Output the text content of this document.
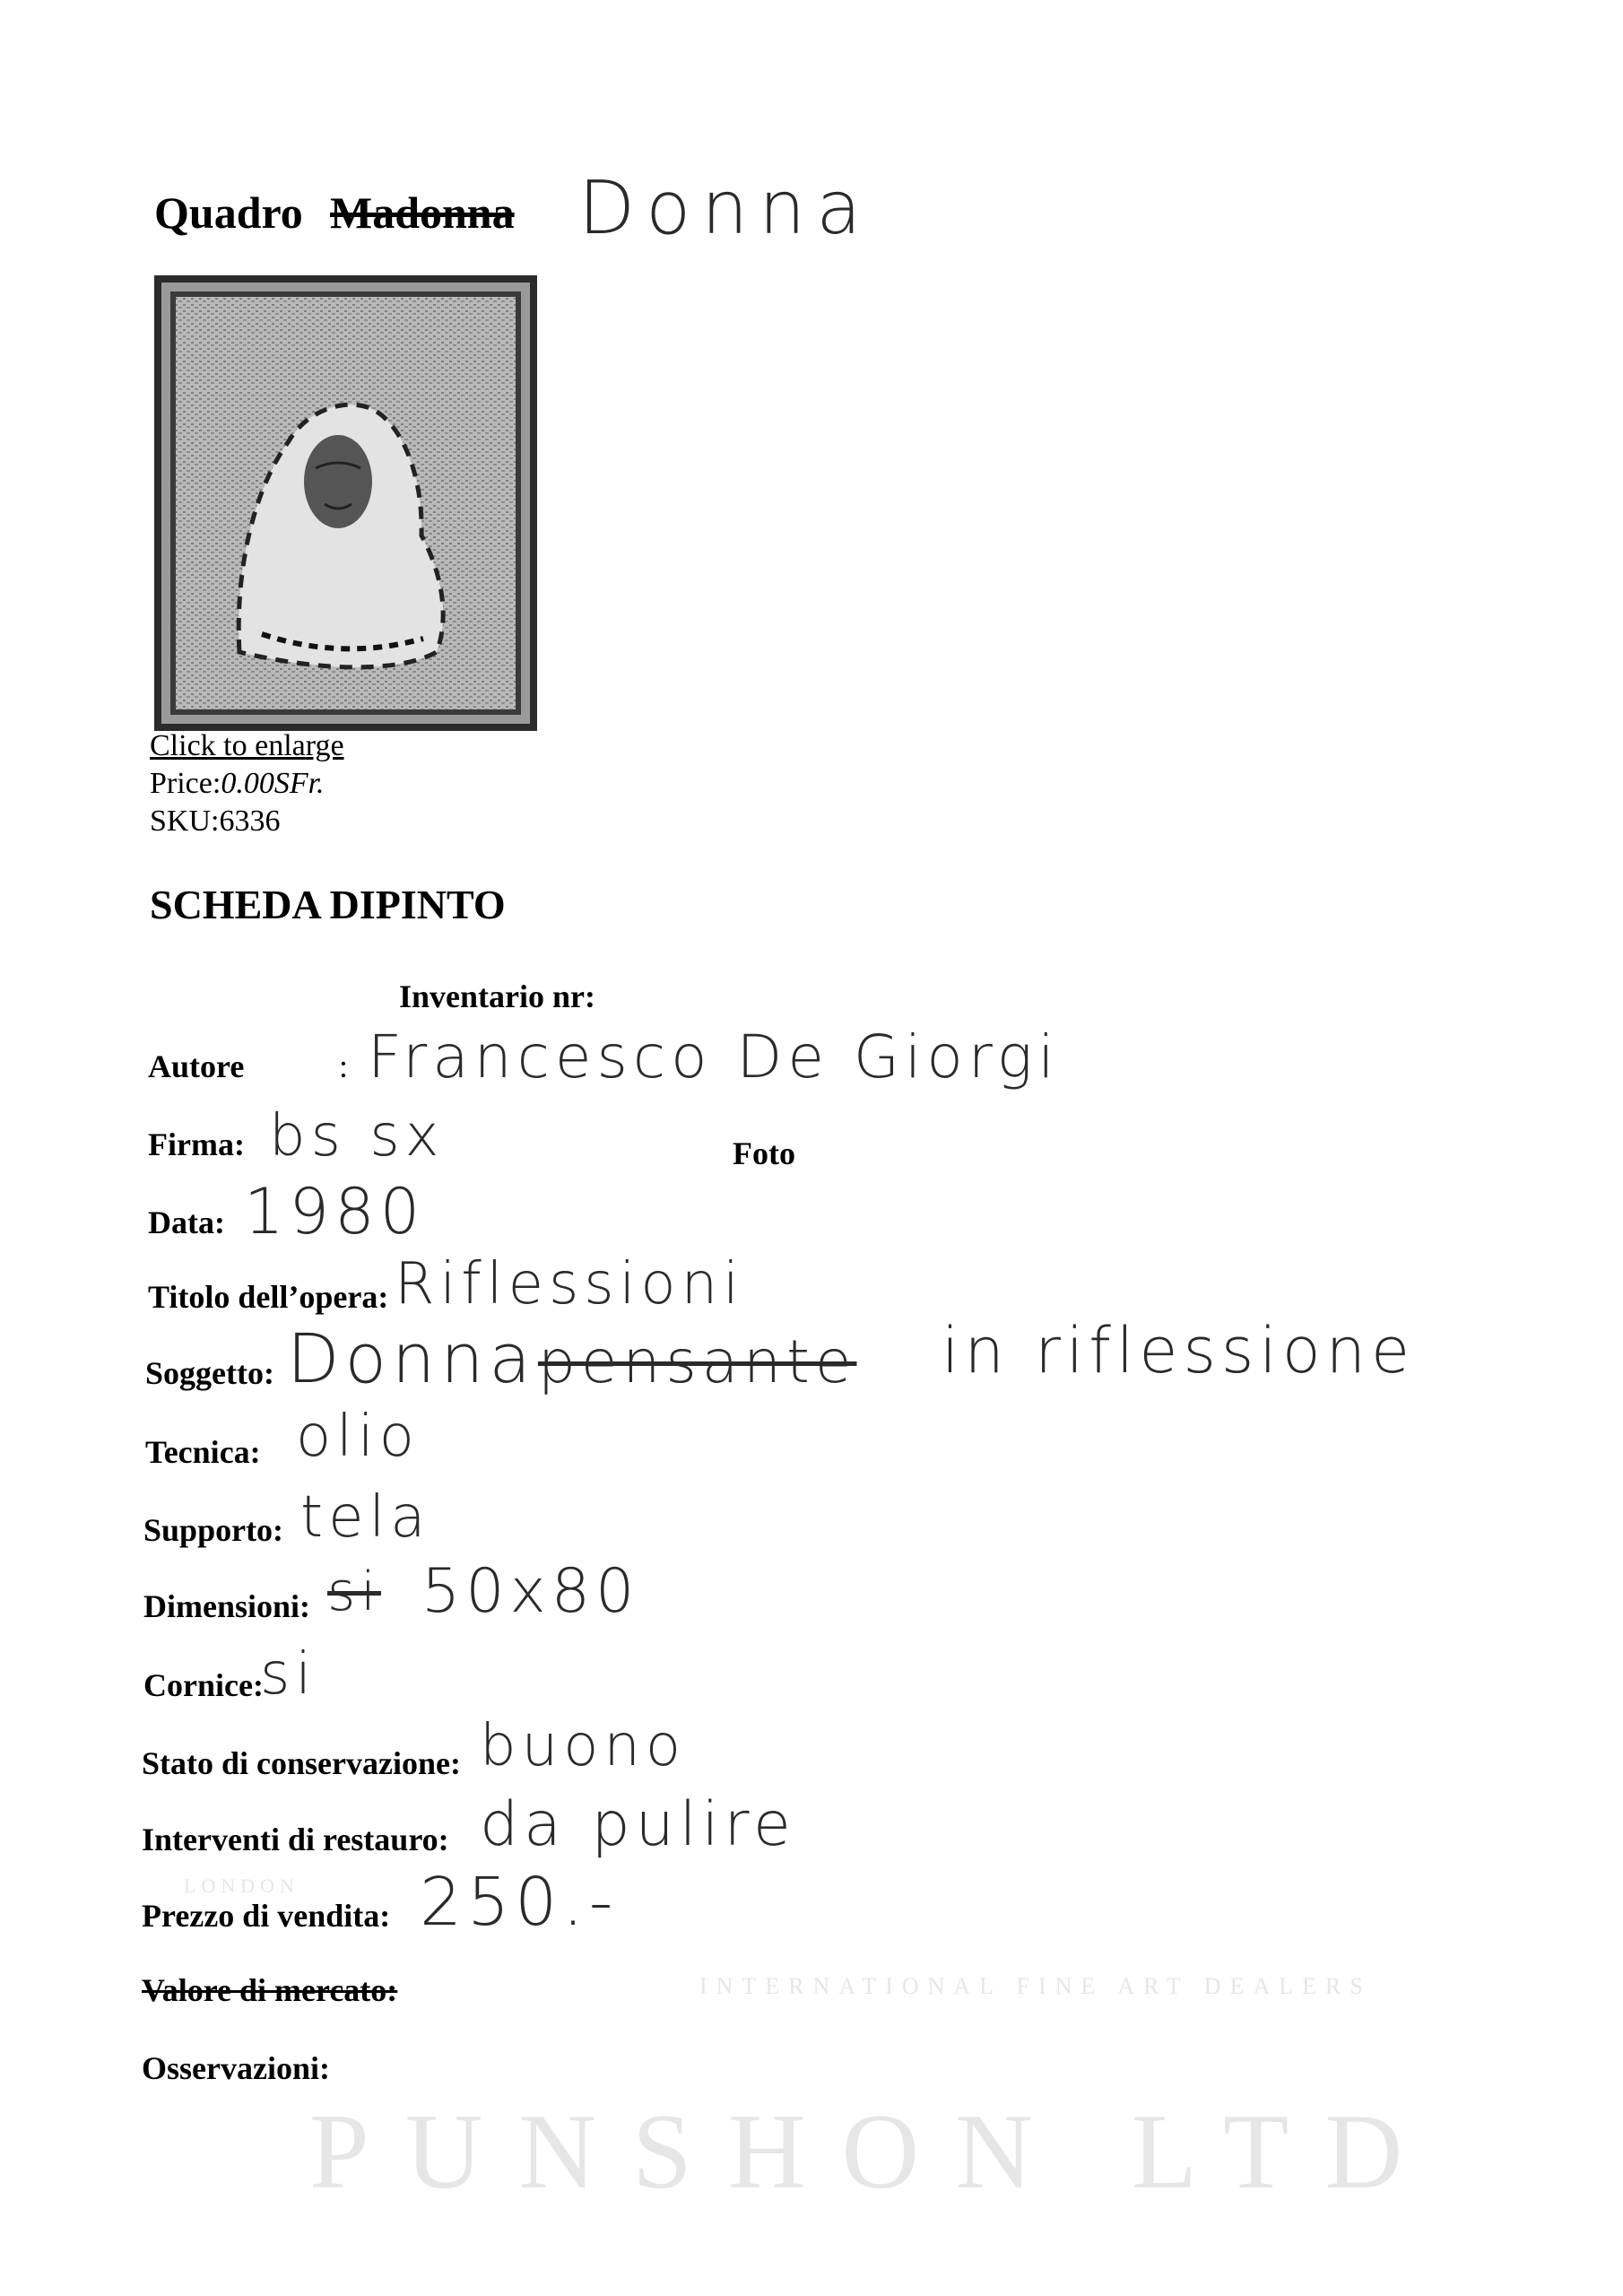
Quadro Madonna Donna
Click to enlarge
Price:0.00SFr.
SKU:6336
SCHEDA DIPINTO
Inventario nr:
Foto
Autore	: Francesco De Giorgi
Firma: bs sx
Data: 1980
Titolo dell’opera: Riflessioni
Soggetto: Donna pensante in riflessione
Tecnica: olio
Supporto: tela
Dimensioni: si 50x80
Cornice:
si
Stato di conservazione: buono
Interventi di restauro: da pulire
Prezzo di vendita: 250.-
Valore di mercato:
Osservazioni:
INTERNATIONAL FINE ART DEALERS
LONDON
PUNSHON LTD
